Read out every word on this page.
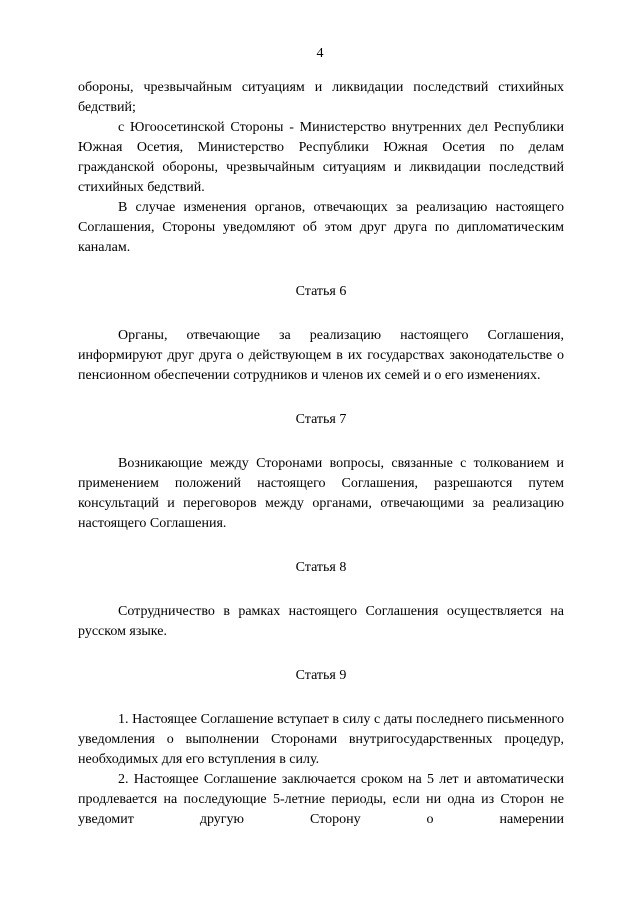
4

обороны, чрезвычайным ситуациям и ликвидации последствий стихийных бедствий;

с Югоосетинской Стороны - Министерство внутренних дел Республики Южная Осетия, Министерство Республики Южная Осетия по делам гражданской обороны, чрезвычайным ситуациям и ликвидации последствий стихийных бедствий.

В случае изменения органов, отвечающих за реализацию настоящего Соглашения, Стороны уведомляют об этом друг друга по дипломатическим каналам.

Статья 6

Органы, отвечающие за реализацию настоящего Соглашения, информируют друг друга о действующем в их государствах законодательстве о пенсионном обеспечении сотрудников и членов их семей и о его изменениях.

Статья 7

Возникающие между Сторонами вопросы, связанные с толкованием и применением положений настоящего Соглашения, разрешаются путем консультаций и переговоров между органами, отвечающими за реализацию настоящего Соглашения.

Статья 8

Сотрудничество в рамках настоящего Соглашения осуществляется на русском языке.

Статья 9

1. Настоящее Соглашение вступает в силу с даты последнего письменного уведомления о выполнении Сторонами внутригосударственных процедур, необходимых для его вступления в силу.

2. Настоящее Соглашение заключается сроком на 5 лет и автоматически продлевается на последующие 5-летние периоды, если ни одна из Сторон не уведомит другую Сторону о намерении
